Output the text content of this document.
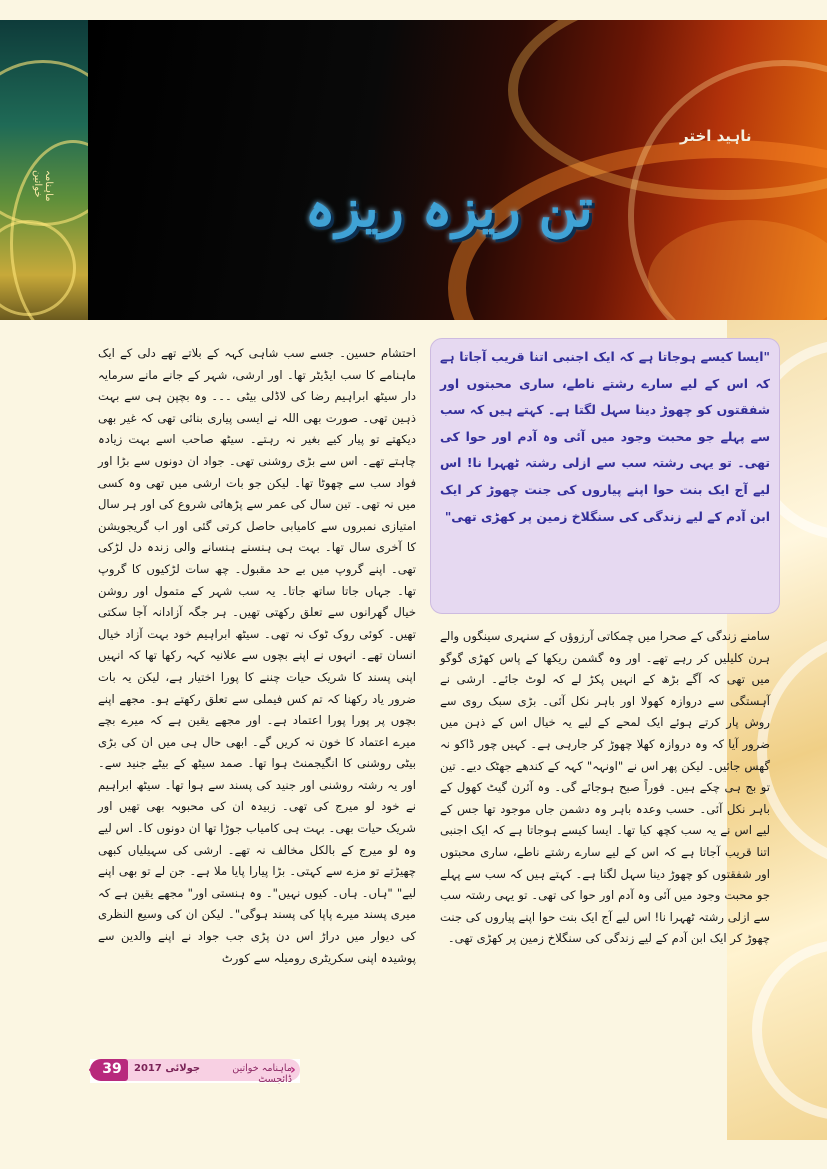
ماہنامہ خواتین
ناہید اختر
تن ریزہ ریزہ

احتشام حسین۔ جسے سب شاہی کہہ کے بلاتے تھے دلی کے ایک ماہنامے کا سب ایڈیٹر تھا۔ اور ارشی، شہر کے جانے مانے سرمایہ دار سیٹھ ابراہیم رضا کی لاڈلی بیٹی ۔۔۔ وہ بچپن ہی سے بہت ذہین تھی۔ صورت بھی اللہ نے ایسی پیاری بنائی تھی کہ غیر بھی دیکھتے تو پیار کیے بغیر نہ رہتے۔ سیٹھ صاحب اسے بہت زیادہ چاہتے تھے۔ اس سے بڑی روشنی تھی۔ جواد ان دونوں سے بڑا اور فواد سب سے چھوٹا تھا۔ لیکن جو بات ارشی میں تھی وہ کسی میں نہ تھی۔ تین سال کی عمر سے پڑھائی شروع کی اور ہر سال امتیازی نمبروں سے کامیابی حاصل کرتی گئی اور اب گریجویشن کا آخری سال تھا۔ بہت ہی ہنسنے ہنسانے والی زندہ دل لڑکی تھی۔ اپنے گروپ میں بے حد مقبول۔ چھ سات لڑکیوں کا گروپ تھا۔ جہاں جاتا ساتھ جاتا۔ یہ سب شہر کے متمول اور روشن خیال گھرانوں سے تعلق رکھتی تھیں۔ ہر جگہ آزادانہ آجا سکتی تھیں۔ کوئی روک ٹوک نہ تھی۔ سیٹھ ابراہیم خود بہت آزاد خیال انسان تھے۔ انہوں نے اپنے بچوں سے علانیہ کہہ رکھا تھا کہ انہیں اپنی پسند کا شریک حیات چننے کا پورا اختیار ہے، لیکن یہ بات ضرور یاد رکھنا کہ تم کس فیملی سے تعلق رکھتے ہو۔ مجھے اپنے بچوں پر پورا پورا اعتماد ہے۔ اور مجھے یقین ہے کہ میرے بچے میرے اعتماد کا خون نہ کریں گے۔ ابھی حال ہی میں ان کی بڑی بیٹی روشنی کا انگیجمنٹ ہوا تھا۔ صمد سیٹھ کے بیٹے جنید سے۔ اور یہ رشتہ روشنی اور جنید کی پسند سے ہوا تھا۔ سیٹھ ابراہیم نے خود لو میرج کی تھی۔ زبیدہ ان کی محبوبہ بھی تھیں اور شریک حیات بھی۔ بہت ہی کامیاب جوڑا تھا ان دونوں کا۔ اس لیے وہ لو میرج کے بالکل مخالف نہ تھے۔ ارشی کی سہیلیاں کبھی چھیڑتے تو مزے سے کہتی۔ بڑا پیارا پایا ملا ہے۔ جن لے تو بھی اپنے لیے" "ہاں۔ ہاں۔ کیوں نہیں"۔ وہ ہنستی اور" مجھے یقین ہے کہ میری پسند میرے پاپا کی پسند ہوگی"۔ لیکن ان کی وسیع النظری کی دیوار میں دراڑ اس دن پڑی جب جواد نے اپنے والدین سے پوشیدہ اپنی سکریٹری رومیلہ سے کورٹ

"ایسا کیسے ہوجاتا ہے کہ ایک اجنبی اتنا قریب آجاتا ہے کہ اس کے لیے سارے رشتے ناطے، ساری محبتوں اور شفقتوں کو چھوڑ دینا سہل لگتا ہے۔ کہتے ہیں کہ سب سے پہلے جو محبت وجود میں آئی وہ آدم اور حوا کی تھی۔ تو یہی رشتہ سب سے ازلی رشتہ ٹھہرا نا! اس لیے آج ایک بنت حوا اپنے پیاروں کی جنت چھوڑ کر ایک ابن آدم کے لیے زندگی کی سنگلاخ زمین پر کھڑی تھی"

سامنے زندگی کے صحرا میں چمکاتی آرزوؤں کے سنہری سینگوں والے ہرن کلیلیں کر رہے تھے۔ اور وہ گشمن ریکھا کے پاس کھڑی گوگو میں تھی کہ آگے بڑھ کے انہیں پکڑ لے کہ لوٹ جائے۔ ارشی نے آہستگی سے دروازہ کھولا اور باہر نکل آئی۔ بڑی سبک روی سے روش پار کرتے ہوئے ایک لمحے کے لیے یہ خیال اس کے ذہن میں ضرور آیا کہ وہ دروازہ کھلا چھوڑ کر جارہی ہے۔ کہیں چور ڈاکو نہ گھس جائیں۔ لیکن پھر اس نے "اونہہ" کہہ کے کندھے جھٹک دیے۔ تین تو بج ہی چکے ہیں۔ فوراً صبح ہوجائے گی۔ وہ آئرن گیٹ کھول کے باہر نکل آئی۔ حسب وعدہ باہر وہ دشمن جاں موجود تھا جس کے لیے اس نے یہ سب کچھ کیا تھا۔ ایسا کیسے ہوجاتا ہے کہ ایک اجنبی اتنا قریب آجاتا ہے کہ اس کے لیے سارے رشتے ناطے، ساری محبتوں اور شفقتوں کو چھوڑ دینا سہل لگتا ہے۔ کہتے ہیں کہ سب سے پہلے جو محبت وجود میں آئی وہ آدم اور حوا کی تھی۔ تو یہی رشتہ سب سے ازلی رشتہ ٹھہرا نا! اس لیے آج ایک بنت حوا اپنے پیاروں کی جنت چھوڑ کر ایک ابن آدم کے لیے زندگی کی سنگلاخ زمین پر کھڑی تھی۔

‹ 39	جولائی 2017	ماہنامہ خواتین ڈائجسٹ
›
